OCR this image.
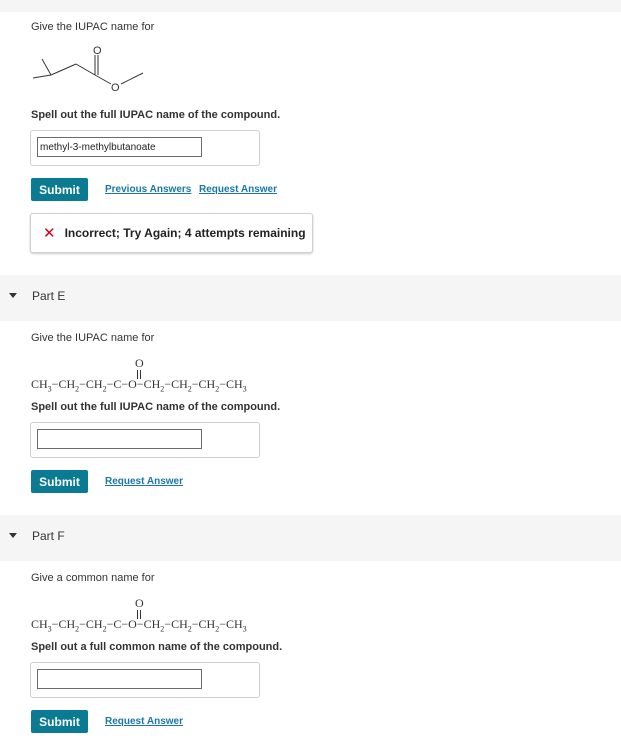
Give the IUPAC name for
O
O
Spell out the full IUPAC name of the compound.
methyl-3-methylbutanoate
Submit	Previous Answers Request Answer
✕ Incorrect; Try Again; 4 attempts remaining
Part E
Give the IUPAC name for
O
$CH_3-CH_2-CH_2-C-O-CH_2-CH_2-CH_2-CH_3$
Spell out the full IUPAC name of the compound.
Submit	Request Answer
Part F
Give a common name for
O
$CH_3-CH_2-CH_2-C-O-CH_2-CH_2-CH_2-CH_3$
Spell out a full common name of the compound.
Submit	Request Answer
